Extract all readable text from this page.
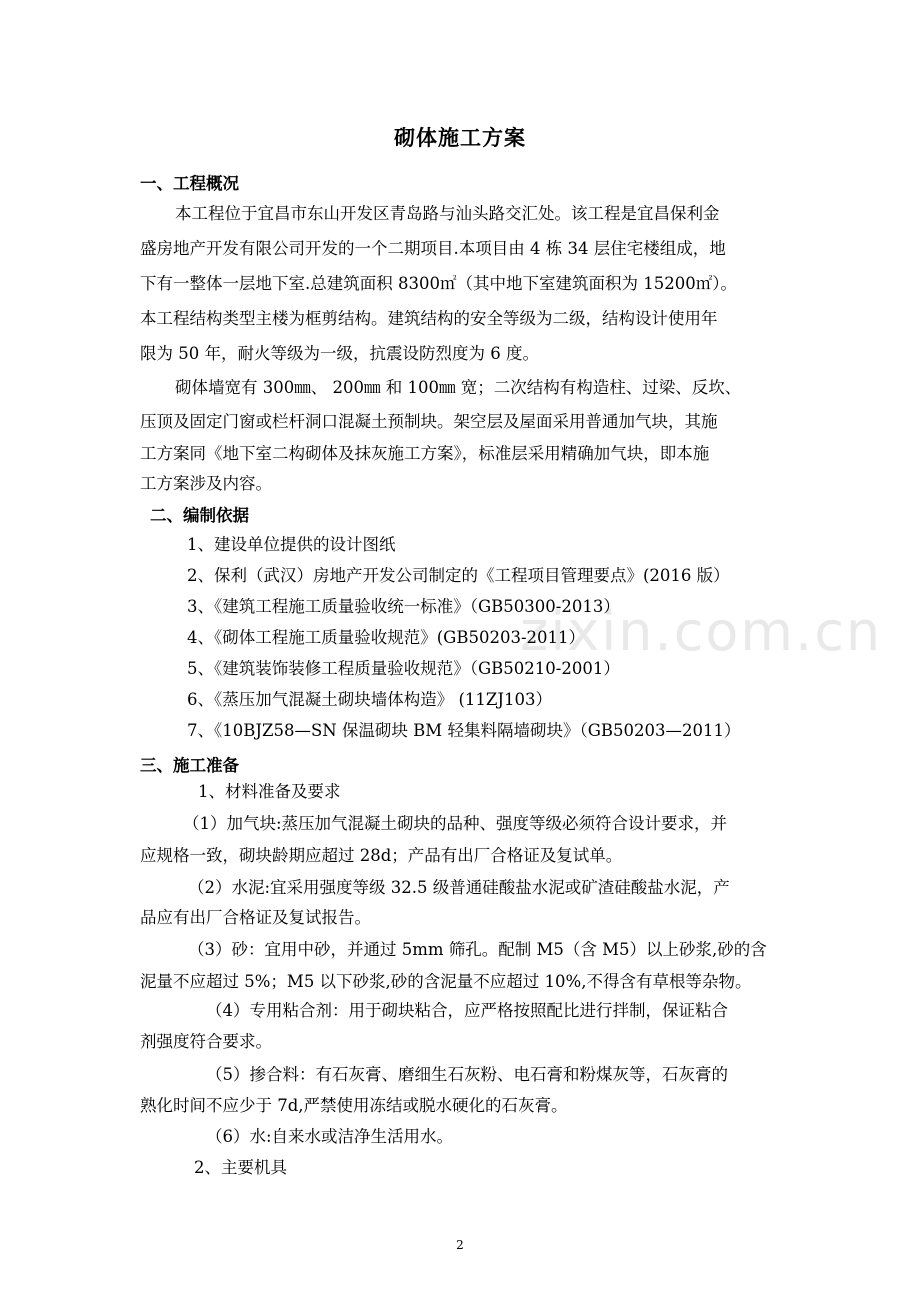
zixin.com.cn
砌体施工方案
一、工程概况
本工程位于宜昌市东山开发区青岛路与汕头路交汇处。该工程是宜昌保利金
盛房地产开发有限公司开发的一个二期项目.本项目由 4 栋 34 层住宅楼组成，地
下有一整体一层地下室.总建筑面积 8300㎡（其中地下室建筑面积为 15200㎡）。
本工程结构类型主楼为框剪结构。建筑结构的安全等级为二级，结构设计使用年
限为 50 年，耐火等级为一级，抗震设防烈度为 6 度。
砌体墙宽有 300㎜、 200㎜ 和 100㎜ 宽；二次结构有构造柱、过梁、反坎、
压顶及固定门窗或栏杆洞口混凝土预制块。架空层及屋面采用普通加气块，其施
工方案同《地下室二构砌体及抹灰施工方案》，标准层采用精确加气块，即本施
工方案涉及内容。
二、编制依据
1、建设单位提供的设计图纸
2、保利（武汉）房地产开发公司制定的《工程项目管理要点》(2016 版）
3、《建筑工程施工质量验收统一标准》（GB50300-2013）
4、《砌体工程施工质量验收规范》(GB50203-2011）
5、《建筑装饰装修工程质量验收规范》（GB50210-2001）
6、《蒸压加气混凝土砌块墙体构造》 (11ZJ103）
7、《10BJZ58—SN 保温砌块 BM 轻集料隔墙砌块》（GB50203—2011）
三、施工准备
1、材料准备及要求
（1）加气块:蒸压加气混凝土砌块的品种、强度等级必须符合设计要求，并
应规格一致，砌块龄期应超过 28d；产品有出厂合格证及复试单。
（2）水泥:宜采用强度等级 32.5 级普通硅酸盐水泥或矿渣硅酸盐水泥，产
品应有出厂合格证及复试报告。
（3）砂：宜用中砂，并通过 5mm 筛孔。配制 M5（含 M5）以上砂浆,砂的含
泥量不应超过 5%；M5 以下砂浆,砂的含泥量不应超过 10%,不得含有草根等杂物。
（4）专用粘合剂：用于砌块粘合，应严格按照配比进行拌制，保证粘合
剂强度符合要求。
（5）掺合料：有石灰膏、磨细生石灰粉、电石膏和粉煤灰等，石灰膏的
熟化时间不应少于 7d,严禁使用冻结或脱水硬化的石灰膏。
（6）水:自来水或洁净生活用水。
2、主要机具
2
